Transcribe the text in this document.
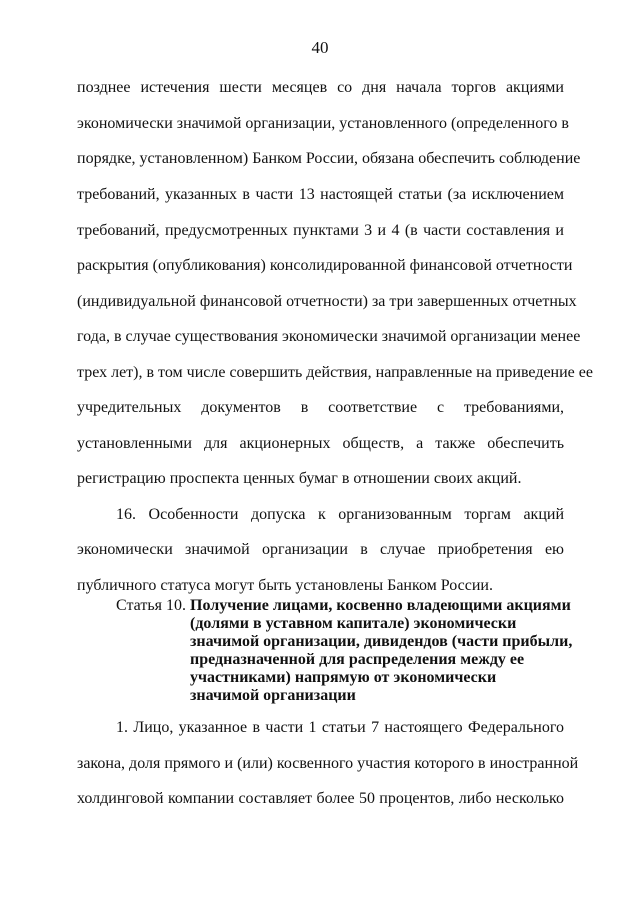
40
позднее истечения шести месяцев со дня начала торгов акциями
экономически значимой организации, установленного (определенного в
порядке, установленном) Банком России, обязана обеспечить соблюдение
требований, указанных в части 13 настоящей статьи (за исключением
требований, предусмотренных пунктами 3 и 4 (в части составления и
раскрытия (опубликования) консолидированной финансовой отчетности
(индивидуальной финансовой отчетности) за три завершенных отчетных
года, в случае существования экономически значимой организации менее
трех лет), в том числе совершить действия, направленные на приведение ее
учредительных документов в соответствие с требованиями,
установленными для акционерных обществ, а также обеспечить
регистрацию проспекта ценных бумаг в отношении своих акций.
16. Особенности допуска к организованным торгам акций
экономически значимой организации в случае приобретения ею
публичного статуса могут быть установлены Банком России.
Статья 10. Получение лицами, косвенно владеющими акциями
(долями в уставном капитале) экономически
значимой организации, дивидендов (части прибыли,
предназначенной для распределения между ее
участниками) напрямую от экономически
значимой организации
1. Лицо, указанное в части 1 статьи 7 настоящего Федерального
закона, доля прямого и (или) косвенного участия которого в иностранной
холдинговой компании составляет более 50 процентов, либо несколько
